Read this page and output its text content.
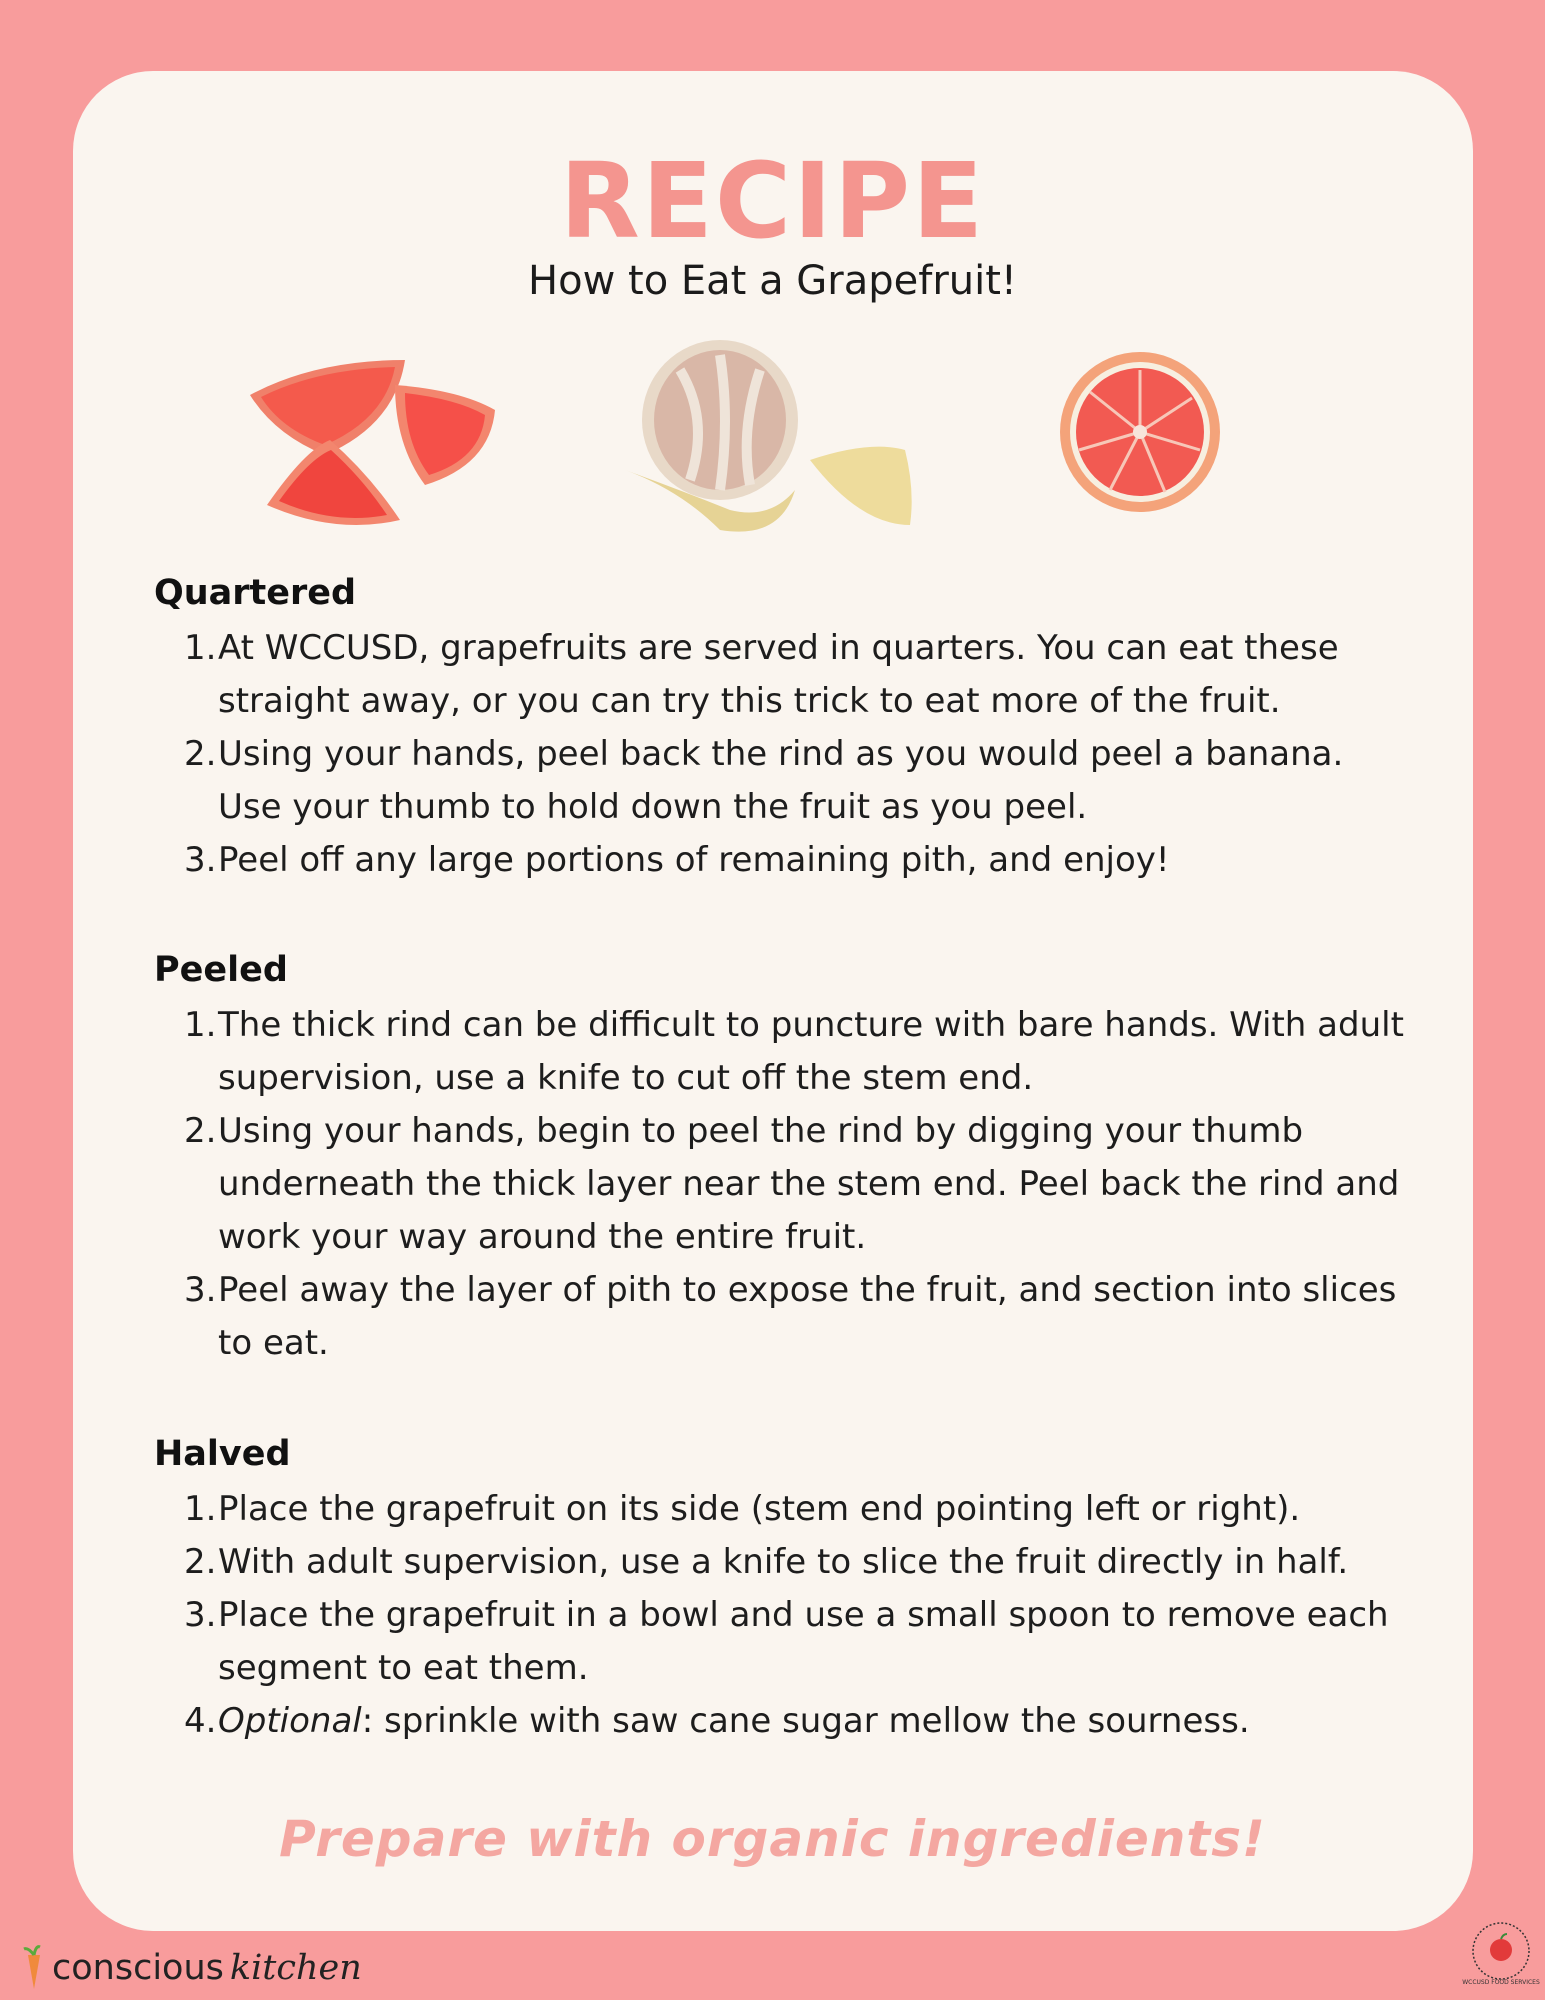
RECIPE
How to Eat a Grapefruit!
Quartered
1. At WCCUSD, grapefruits are served in quarters. You can eat these straight away, or you can try this trick to eat more of the fruit.
2. Using your hands, peel back the rind as you would peel a banana. Use your thumb to hold down the fruit as you peel.
3. Peel off any large portions of remaining pith, and enjoy!
Peeled
1. The thick rind can be difficult to puncture with bare hands. With adult supervision, use a knife to cut off the stem end.
2. Using your hands, begin to peel the rind by digging your thumb underneath the thick layer near the stem end. Peel back the rind and work your way around the entire fruit.
3. Peel away the layer of pith to expose the fruit, and section into slices to eat.
Halved
1. Place the grapefruit on its side (stem end pointing left or right).
2. With adult supervision, use a knife to slice the fruit directly in half.
3. Place the grapefruit in a bowl and use a small spoon to remove each segment to eat them.
4. Optional: sprinkle with saw cane sugar mellow the sourness.
Prepare with organic ingredients!
conscious kitchen	WCCUSD FOOD SERVICES
